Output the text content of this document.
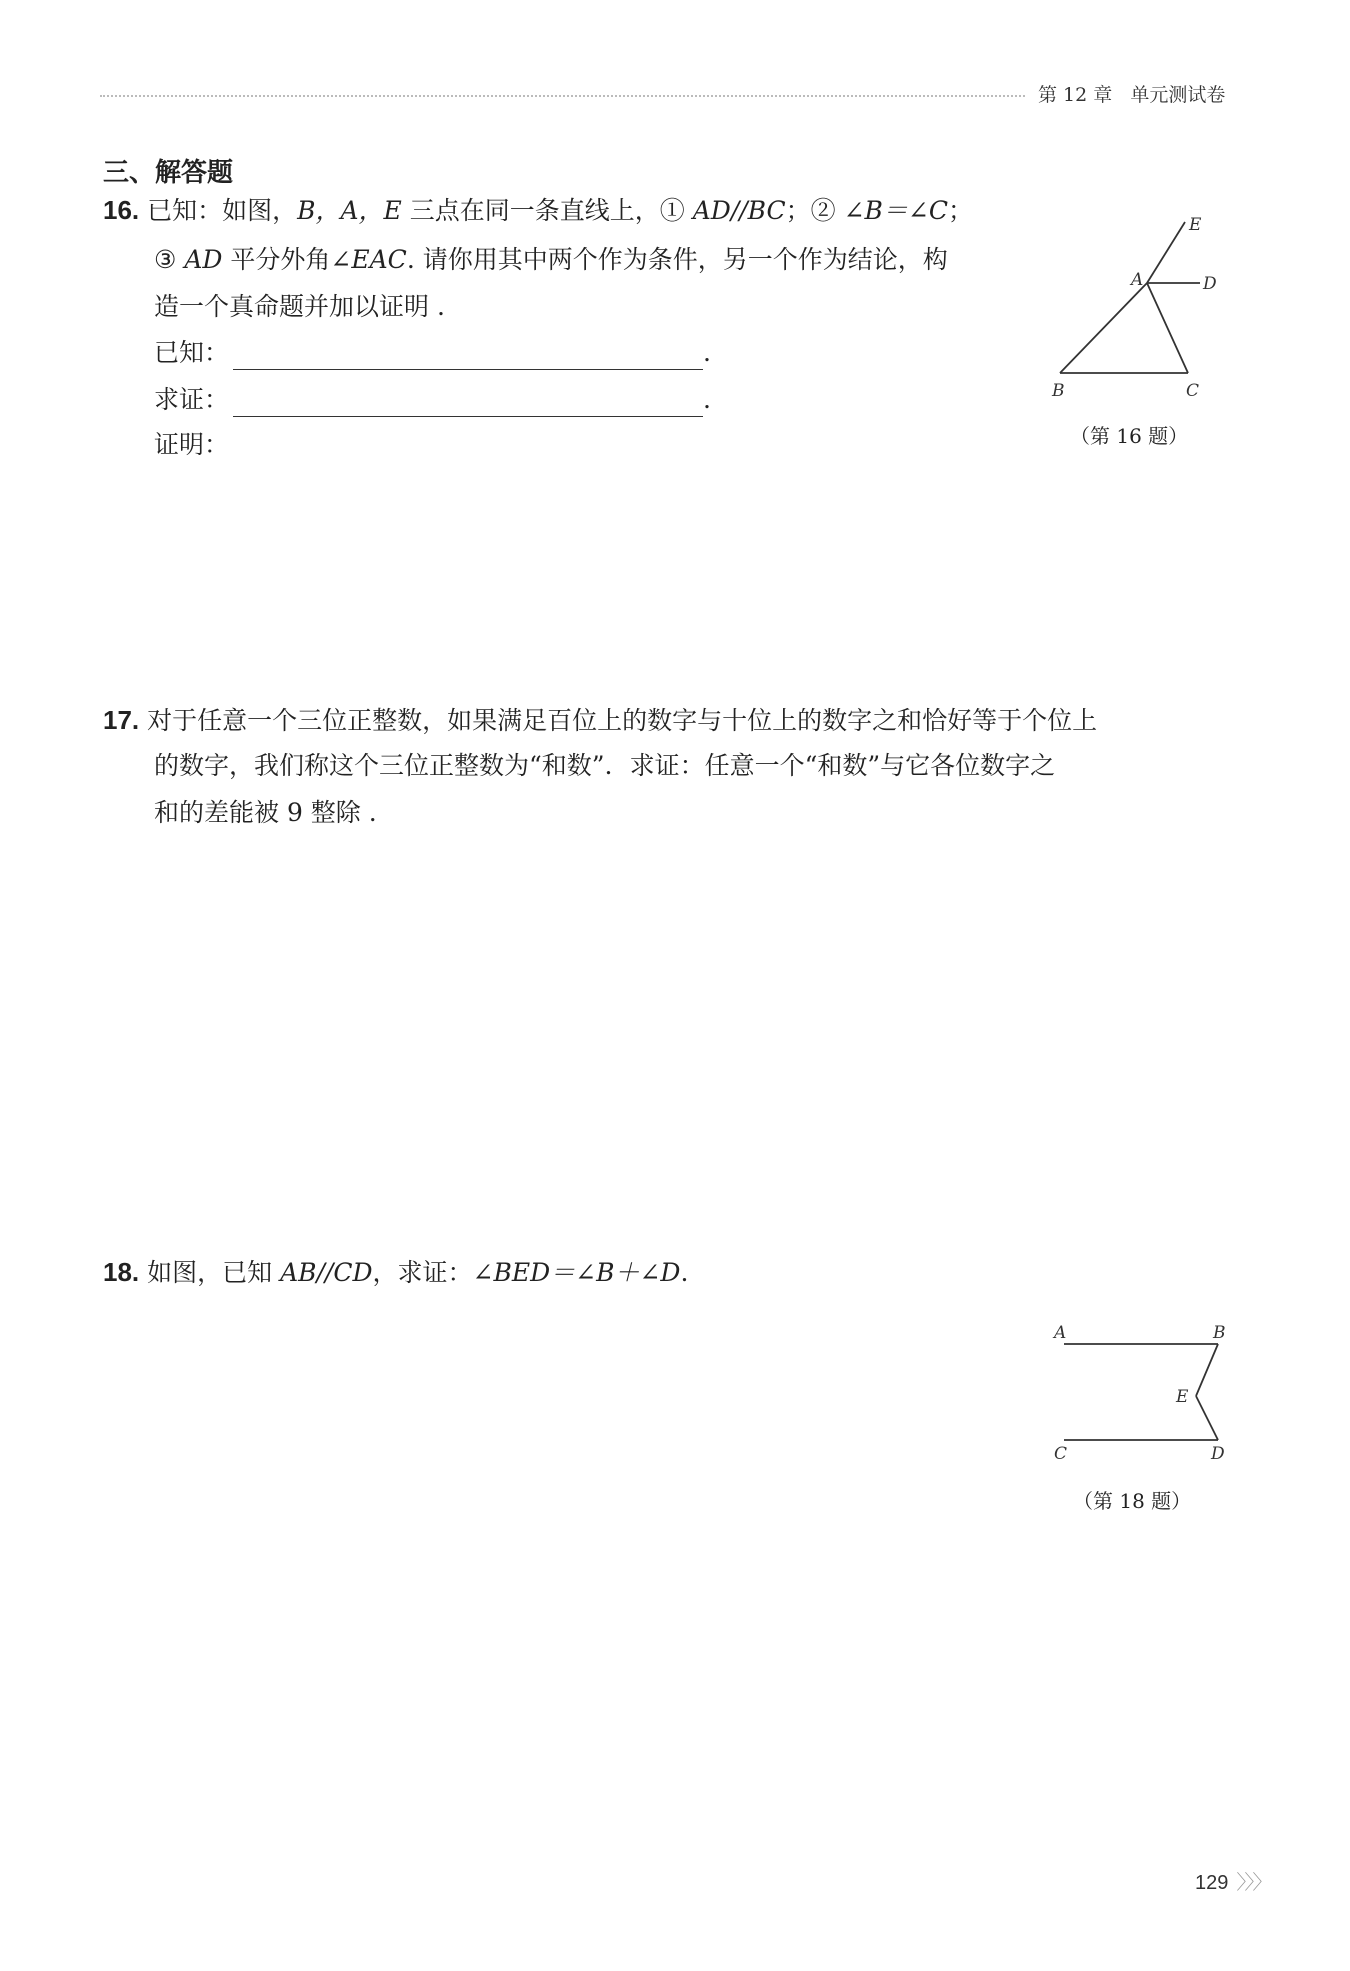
第 12 章 单元测试卷
三、解答题
16. 已知：如图，B，A，E 三点在同一条直线上，① AD//BC；② ∠B＝∠C；
③ AD 平分外角∠EAC. 请你用其中两个作为条件，另一个作为结论，构
造一个真命题并加以证明 .
已知：	.
求证：	.
证明：
E
A	D
B	C
（第 16 题）
17. 对于任意一个三位正整数，如果满足百位上的数字与十位上的数字之和恰好等于个位上
的数字，我们称这个三位正整数为“和数”．求证：任意一个“和数”与它各位数字之
和的差能被 9 整除 .
18. 如图，已知 AB//CD，求证：∠BED＝∠B＋∠D.
A	B
E
C	D
（第 18 题）
129 〉〉〉
